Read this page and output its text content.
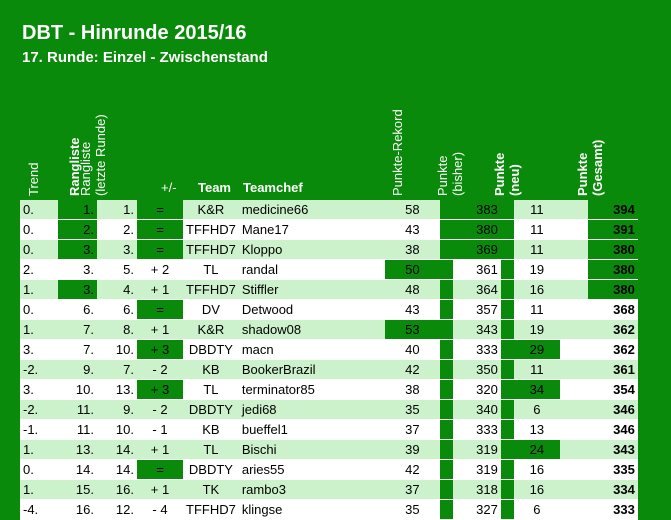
DBT - Hinrunde 2015/16
17. Runde: Einzel - Zwischenstand
Trend Rangliste
Rangliste (letzte Runde)	+/- Team Teamchef	Punkte-Rekord Punkte (bisher) Punkte (neu)	Punkte (Gesamt)
0.	1.	1.	=	K&R	medicine66	58		383		11		394
0.	2.	2.	=	TFFHD7	Mane17	43		380		11		391
0.	3.	3.	=	TFFHD7	Kloppo	38		369		11		380
2.	3.	5.	+ 2	TL	randal	50		361		19		380
1.	3.	4.	+ 1	TFFHD7	Stiffler	48		364		16		380
0.	6.	6.	=	DV	Detwood	43		357		11		368
1.	7.	8.	+ 1	K&R	shadow08	53		343		19		362
3.	7.	10.	+ 3	DBDTY	macn	40		333		29		362
-2.	9.	7.	- 2	KB	BookerBrazil	42		350		11		361
3.	10.	13.	+ 3	TL	terminator85	38		320		34		354
-2.	11.	9.	- 2	DBDTY	jedi68	35		340		6		346
-1.	11.	10.	- 1	KB	bueffel1	37		333		13		346
1.	13.	14.	+ 1	TL	Bischi	39		319		24		343
0.	14.	14.	=	DBDTY	aries55	42		319		16		335
1.	15.	16.	+ 1	TK	rambo3	37		318		16		334
-4.	16.	12.	- 4	TFFHD7	klingse	35		327		6		333
